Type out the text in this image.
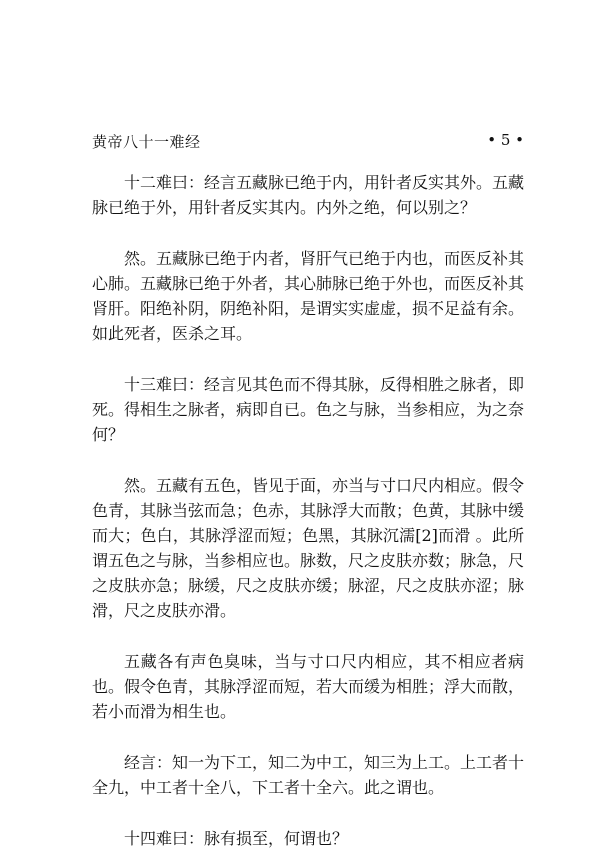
黄帝八十一难经	• 5 •

十二难曰：经言五藏脉已绝于内，用针者反实其外。五藏脉已绝于外，用针者反实其内。内外之绝，何以别之？

然。五藏脉已绝于内者，肾肝气已绝于内也，而医反补其心肺。五藏脉已绝于外者，其心肺脉已绝于外也，而医反补其肾肝。阳绝补阴，阴绝补阳，是谓实实虚虚，损不足益有余。如此死者，医杀之耳。

十三难曰：经言见其色而不得其脉，反得相胜之脉者，即死。得相生之脉者，病即自已。色之与脉，当参相应，为之奈何？

然。五藏有五色，皆见于面，亦当与寸口尺内相应。假令色青，其脉当弦而急；色赤，其脉浮大而散；色黄，其脉中缓而大；色白，其脉浮涩而短；色黑，其脉沉濡[2]而滑 。此所谓五色之与脉，当参相应也。脉数，尺之皮肤亦数；脉急，尺之皮肤亦急；脉缓，尺之皮肤亦缓；脉涩，尺之皮肤亦涩；脉滑，尺之皮肤亦滑。

五藏各有声色臭味，当与寸口尺内相应，其不相应者病也。假令色青，其脉浮涩而短，若大而缓为相胜；浮大而散，若小而滑为相生也。

经言：知一为下工，知二为中工，知三为上工。上工者十全九，中工者十全八，下工者十全六。此之谓也。

十四难曰：脉有损至，何谓也？
